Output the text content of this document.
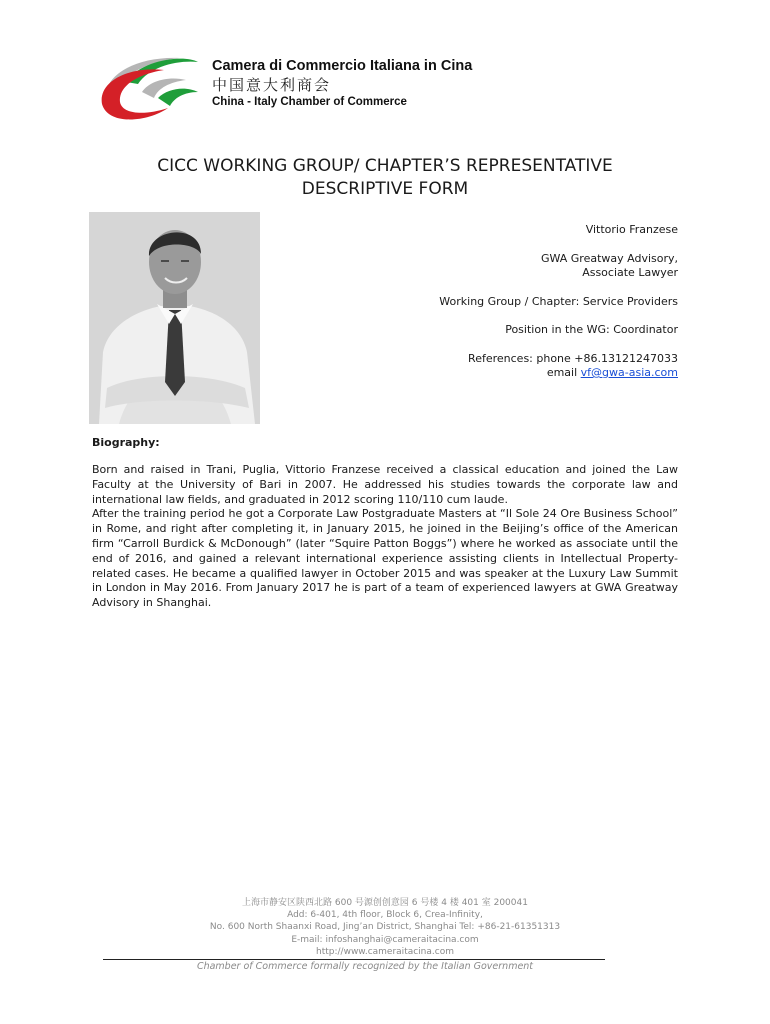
Camera di Commercio Italiana in Cina
中国意大利商会
China - Italy Chamber of Commerce
CICC WORKING GROUP/ CHAPTER’S REPRESENTATIVE
DESCRIPTIVE FORM

Vittorio Franzese

GWA Greatway Advisory,
Associate Lawyer

Working Group / Chapter: Service Providers

Position in the WG: Coordinator

References: phone +86.13121247033
email vf@gwa-asia.com

Biography:

Born and raised in Trani, Puglia, Vittorio Franzese received a classical education and joined the Law Faculty at the University of Bari in 2007. He addressed his studies towards the corporate law and international law fields, and graduated in 2012 scoring 110/110 cum laude.

After the training period he got a Corporate Law Postgraduate Masters at “Il Sole 24 Ore Business School” in Rome, and right after completing it, in January 2015, he joined in the Beijing’s office of the American firm “Carroll Burdick & McDonough” (later “Squire Patton Boggs”) where he worked as associate until the end of 2016, and gained a relevant international experience assisting clients in Intellectual Property-related cases. He became a qualified lawyer in October 2015 and was speaker at the Luxury Law Summit in London in May 2016. From January 2017 he is part of a team of experienced lawyers at GWA Greatway Advisory in Shanghai.

上海市静安区陕西北路 600 号源创创意园 6 号楼 4 楼 401 室 200041
Add: 6-401, 4th floor, Block 6, Crea-Infinity,
No. 600 North Shaanxi Road, Jing’an District, Shanghai Tel: +86-21-61351313
E-mail: infoshanghai@cameraitacina.com
http://www.cameraitacina.com
Chamber of Commerce formally recognized by the Italian Government
